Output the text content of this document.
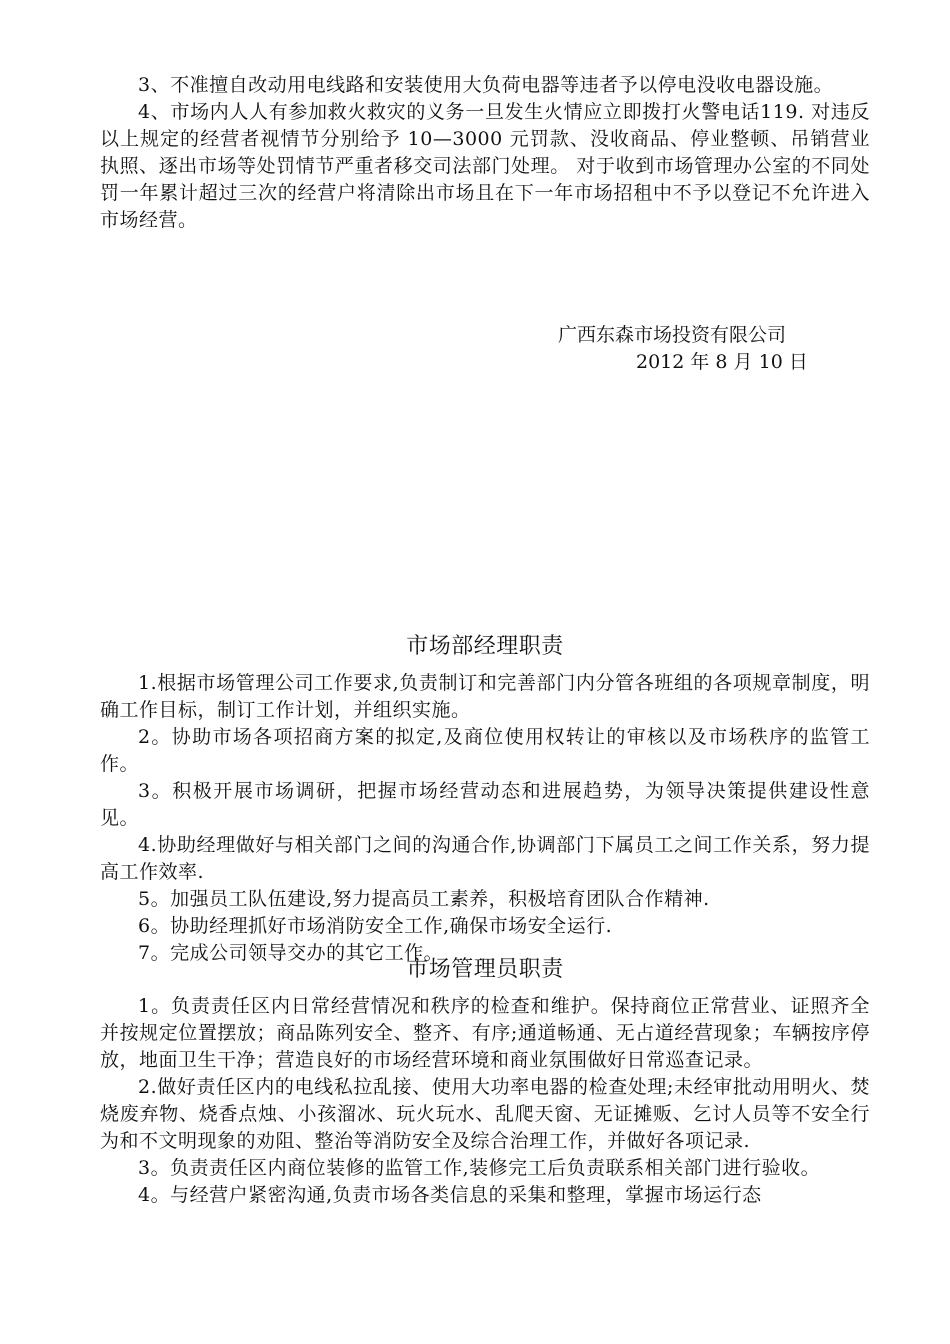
3、不准擅自改动用电线路和安装使用大负荷电器等违者予以停电没收电器设施。

4、市场内人人有参加救火救灾的义务一旦发生火情应立即拨打火警电话119. 对违反以上规定的经营者视情节分别给予 10—3000 元罚款、没收商品、停业整顿、吊销营业执照、逐出市场等处罚情节严重者移交司法部门处理。 对于收到市场管理办公室的不同处罚一年累计超过三次的经营户将清除出市场且在下一年市场招租中不予以登记不允许进入市场经营。

广西东森市场投资有限公司
2012 年 8 月 10 日
市场部经理职责

1.根据市场管理公司工作要求,负责制订和完善部门内分管各班组的各项规章制度，明确工作目标，制订工作计划，并组织实施。

2。协助市场各项招商方案的拟定,及商位使用权转让的审核以及市场秩序的监管工作。

3。积极开展市场调研，把握市场经营动态和进展趋势，为领导决策提供建设性意见。

4.协助经理做好与相关部门之间的沟通合作,协调部门下属员工之间工作关系，努力提高工作效率.

5。加强员工队伍建设,努力提高员工素养，积极培育团队合作精神.

6。协助经理抓好市场消防安全工作,确保市场安全运行.

7。完成公司领导交办的其它工作。

市场管理员职责

1。负责责任区内日常经营情况和秩序的检查和维护。保持商位正常营业、证照齐全并按规定位置摆放；商品陈列安全、整齐、有序;通道畅通、无占道经营现象；车辆按序停放，地面卫生干净；营造良好的市场经营环境和商业氛围做好日常巡查记录。

2.做好责任区内的电线私拉乱接、使用大功率电器的检查处理;未经审批动用明火、焚烧废弃物、烧香点烛、小孩溜冰、玩火玩水、乱爬天窗、无证摊贩、乞讨人员等不安全行为和不文明现象的劝阻、整治等消防安全及综合治理工作，并做好各项记录.

3。负责责任区内商位装修的监管工作,装修完工后负责联系相关部门进行验收。

4。与经营户紧密沟通,负责市场各类信息的采集和整理，掌握市场运行态
